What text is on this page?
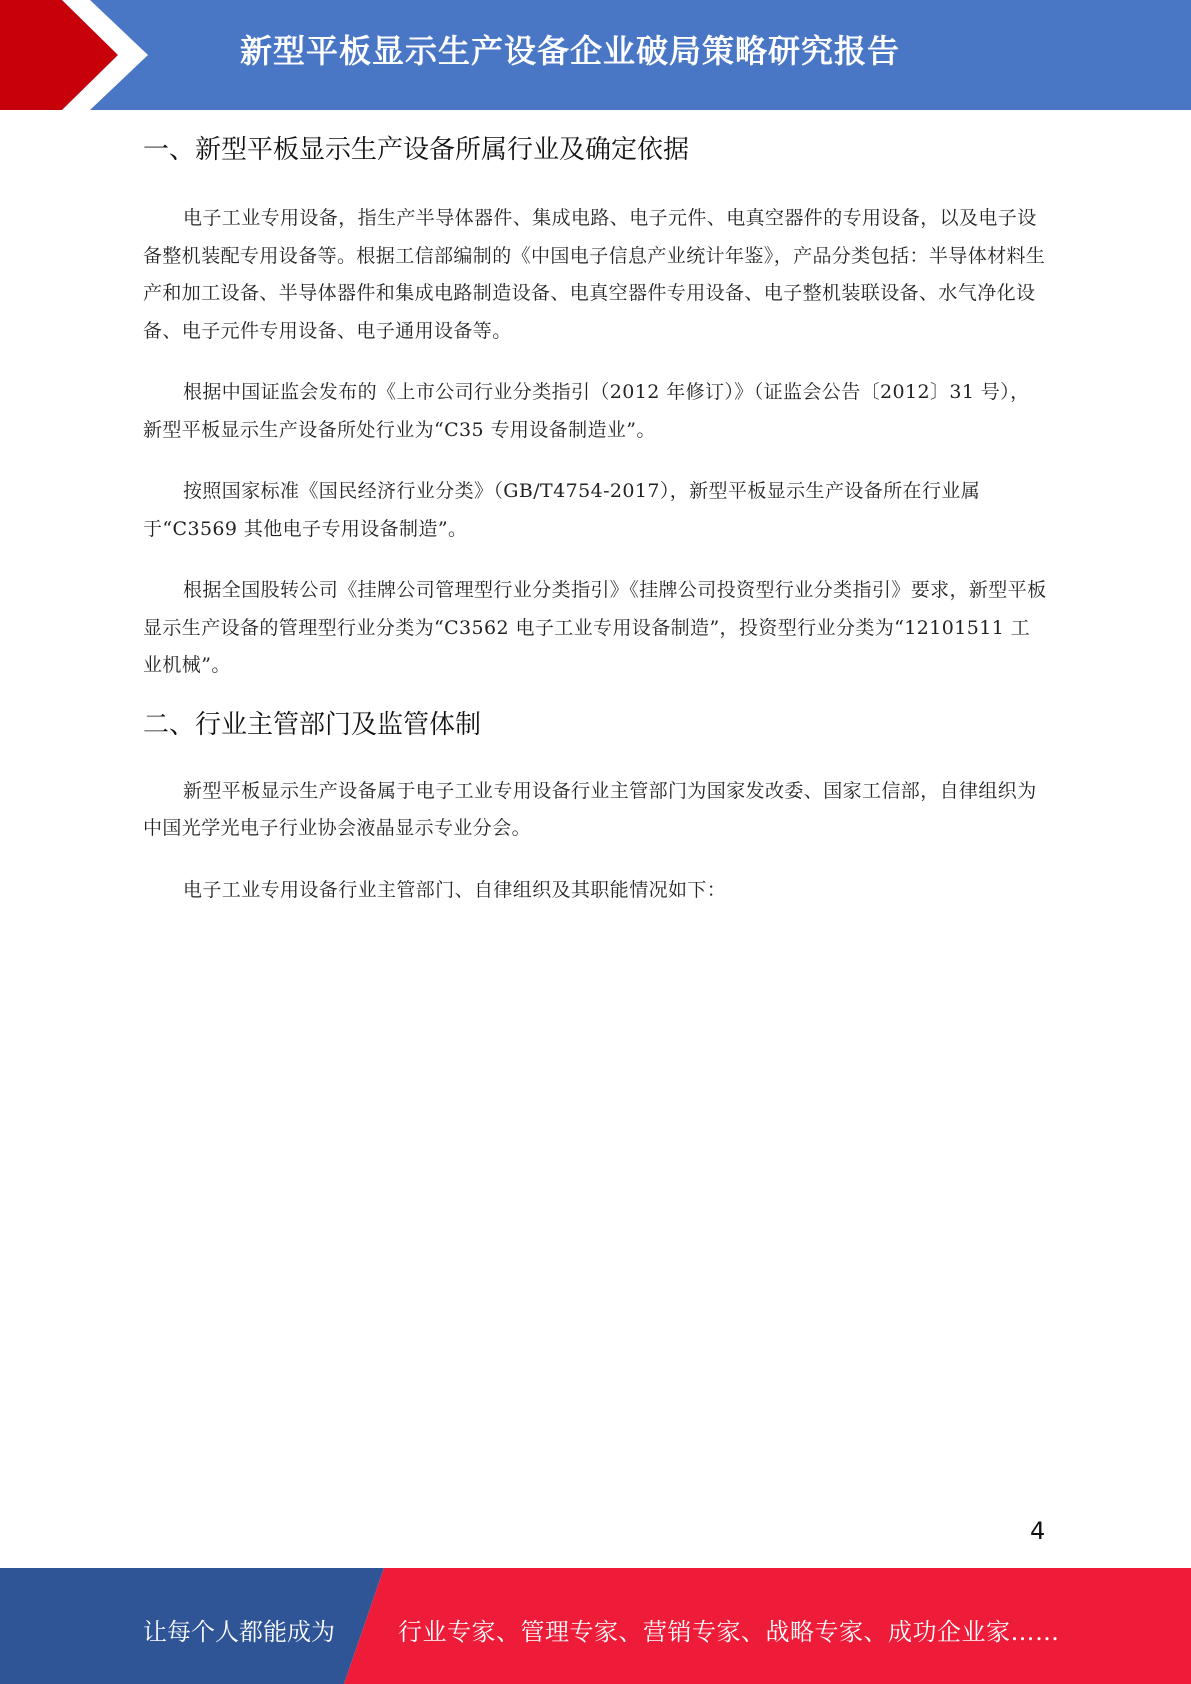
新型平板显示生产设备企业破局策略研究报告
一、新型平板显示生产设备所属行业及确定依据

电子工业专用设备，指生产半导体器件、集成电路、电子元件、电真空器件的专用设备，以及电子设备整机装配专用设备等。根据工信部编制的《中国电子信息产业统计年鉴》，产品分类包括：半导体材料生产和加工设备、半导体器件和集成电路制造设备、电真空器件专用设备、电子整机装联设备、水气净化设备、电子元件专用设备、电子通用设备等。

根据中国证监会发布的《上市公司行业分类指引（2012 年修订）》（证监会公告〔2012〕31 号），新型平板显示生产设备所处行业为“C35 专用设备制造业”。

按照国家标准《国民经济行业分类》（GB/T4754-2017），新型平板显示生产设备所在行业属于“C3569 其他电子专用设备制造”。

根据全国股转公司《挂牌公司管理型行业分类指引》《挂牌公司投资型行业分类指引》要求，新型平板显示生产设备的管理型行业分类为“C3562 电子工业专用设备制造”，投资型行业分类为“12101511 工业机械”。

二、行业主管部门及监管体制

新型平板显示生产设备属于电子工业专用设备行业主管部门为国家发改委、国家工信部，自律组织为中国光学光电子行业协会液晶显示专业分会。

电子工业专用设备行业主管部门、自律组织及其职能情况如下：

4
让每个人都能成为	行业专家、管理专家、营销专家、战略专家、成功企业家……
